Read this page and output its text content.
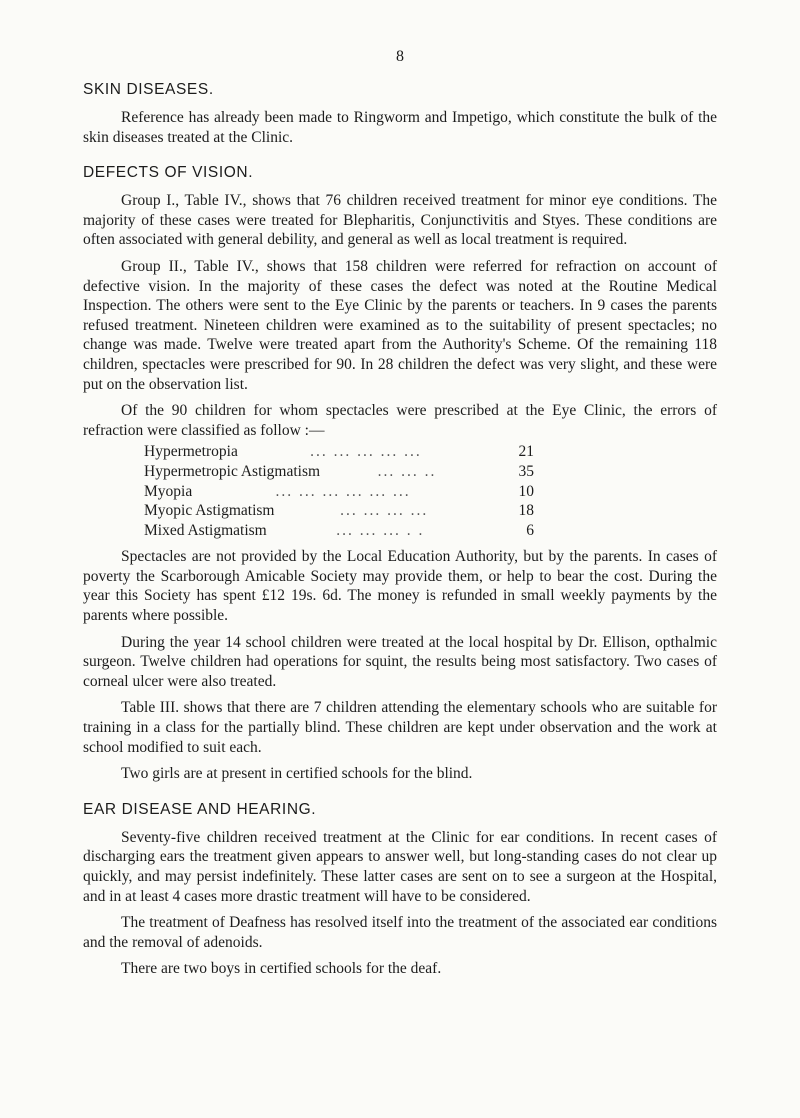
8
SKIN DISEASES.

Reference has already been made to Ringworm and Impetigo, which constitute the bulk of the skin diseases treated at the Clinic.

DEFECTS OF VISION.

Group I., Table IV., shows that 76 children received treatment for minor eye conditions. The majority of these cases were treated for Blepharitis, Conjunctivitis and Styes. These conditions are often associated with general debility, and general as well as local treatment is required.

Group II., Table IV., shows that 158 children were referred for refraction on account of defective vision. In the majority of these cases the defect was noted at the Routine Medical Inspection. The others were sent to the Eye Clinic by the parents or teachers. In 9 cases the parents refused treatment. Nineteen children were examined as to the suitability of present spectacles; no change was made. Twelve were treated apart from the Authority's Scheme. Of the remaining 118 children, spectacles were prescribed for 90. In 28 children the defect was very slight, and these were put on the observation list.

Of the 90 children for whom spectacles were prescribed at the Eye Clinic, the errors of refraction were classified as follow :—

Hypermetropia	... ... ... ... ...	21
Hypermetropic Astigmatism	... ... ..	35
Myopia	... ... ... ... ... ...	10
Myopic Astigmatism	... ... ... ...	18
Mixed Astigmatism	... ... ... . .	6

Spectacles are not provided by the Local Education Authority, but by the parents. In cases of poverty the Scarborough Amicable Society may provide them, or help to bear the cost. During the year this Society has spent £12 19s. 6d. The money is refunded in small weekly payments by the parents where possible.

During the year 14 school children were treated at the local hospital by Dr. Ellison, opthalmic surgeon. Twelve children had operations for squint, the results being most satisfactory. Two cases of corneal ulcer were also treated.

Table III. shows that there are 7 children attending the elementary schools who are suitable for training in a class for the partially blind. These children are kept under observation and the work at school modified to suit each.

Two girls are at present in certified schools for the blind.

EAR DISEASE AND HEARING.

Seventy-five children received treatment at the Clinic for ear conditions. In recent cases of discharging ears the treatment given appears to answer well, but long-standing cases do not clear up quickly, and may persist indefinitely. These latter cases are sent on to see a surgeon at the Hospital, and in at least 4 cases more drastic treatment will have to be considered.

The treatment of Deafness has resolved itself into the treatment of the associated ear conditions and the removal of adenoids.

There are two boys in certified schools for the deaf.
